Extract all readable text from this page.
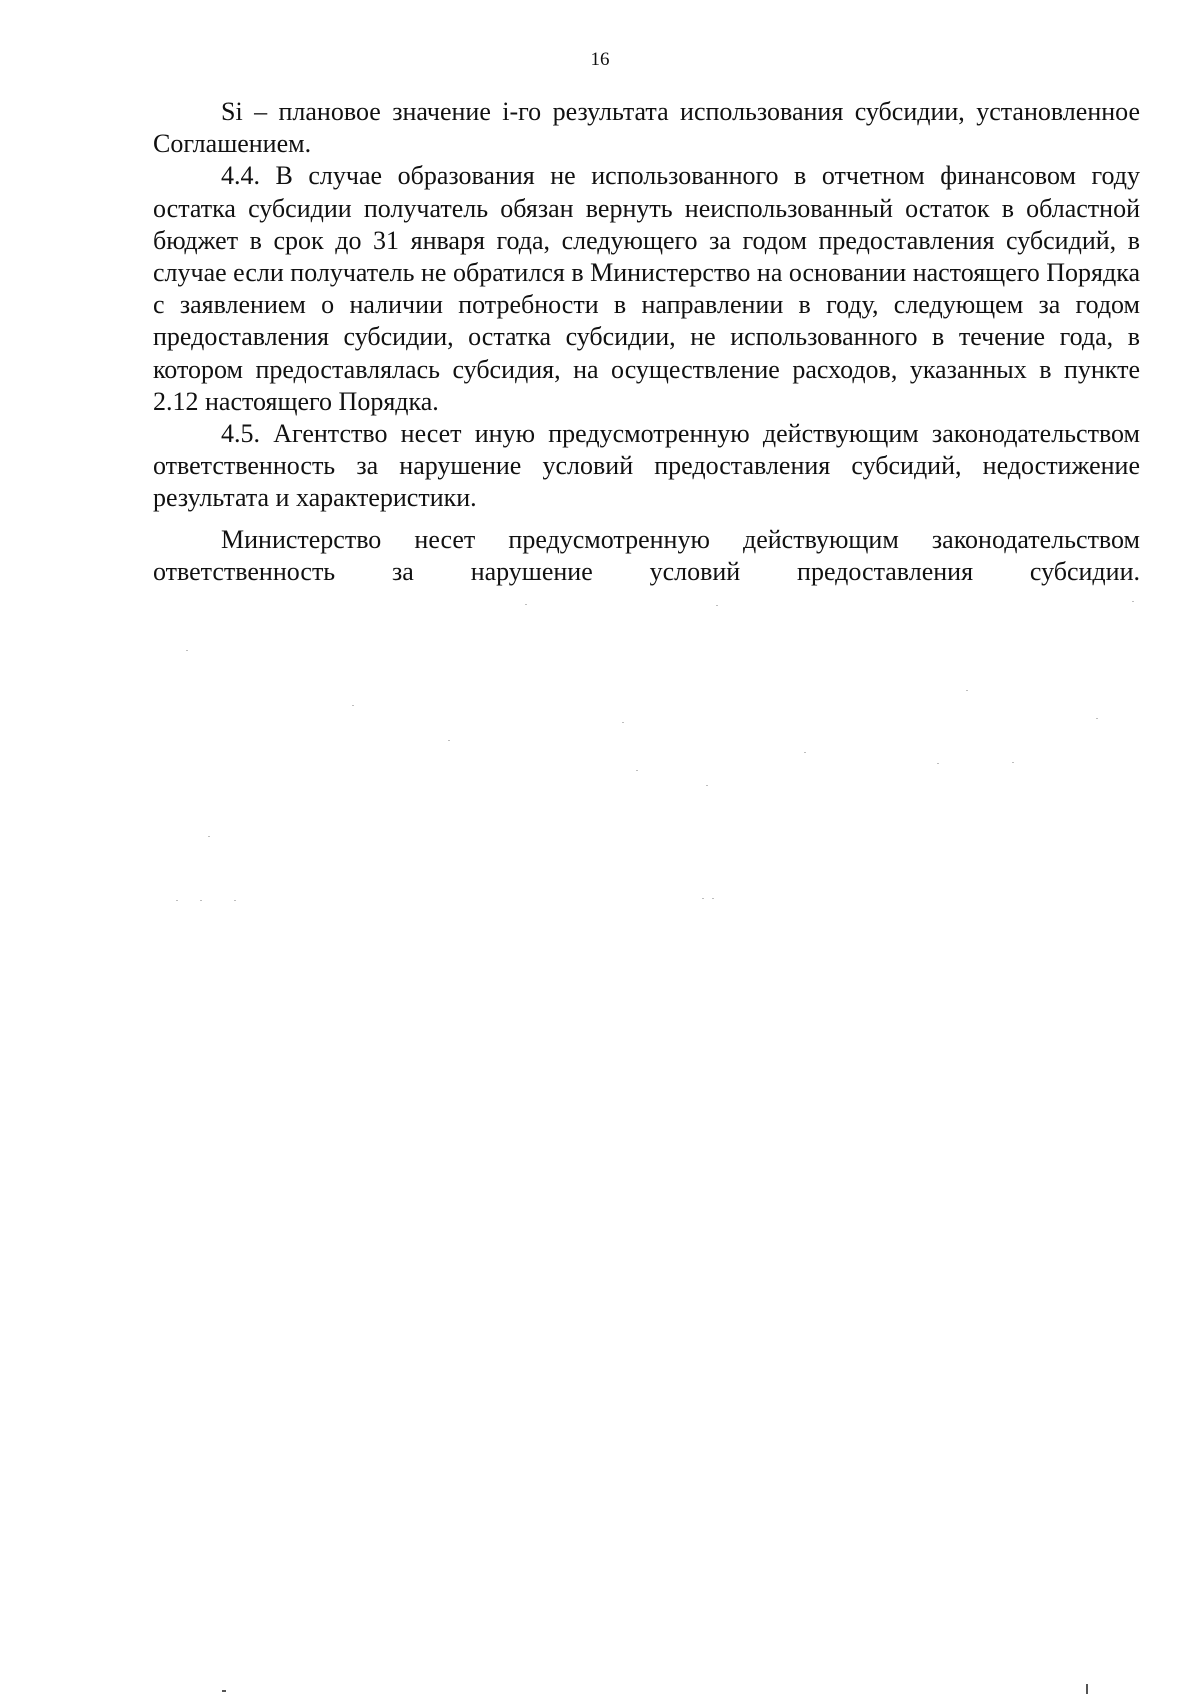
16

Si – плановое значение i-го результата использования субсидии, установленное Соглашением.

4.4. В случае образования не использованного в отчетном финансовом году остатка субсидии получатель обязан вернуть неиспользованный остаток в областной бюджет в срок до 31 января года, следующего за годом предоставления субсидий, в случае если получатель не обратился в Министерство на основании настоящего Порядка с заявлением о наличии потребности в направлении в году, следующем за годом предоставления субсидии, остатка субсидии, не использованного в течение года, в котором предоставлялась субсидия, на осуществление расходов, указанных в пункте 2.12 настоящего Порядка.

4.5. Агентство несет иную предусмотренную действующим законодательством ответственность за нарушение условий предоставления субсидий, недостижение результата и характеристики.

Министерство несет предусмотренную действующим законодательством ответственность за нарушение условий предоставления субсидии.
